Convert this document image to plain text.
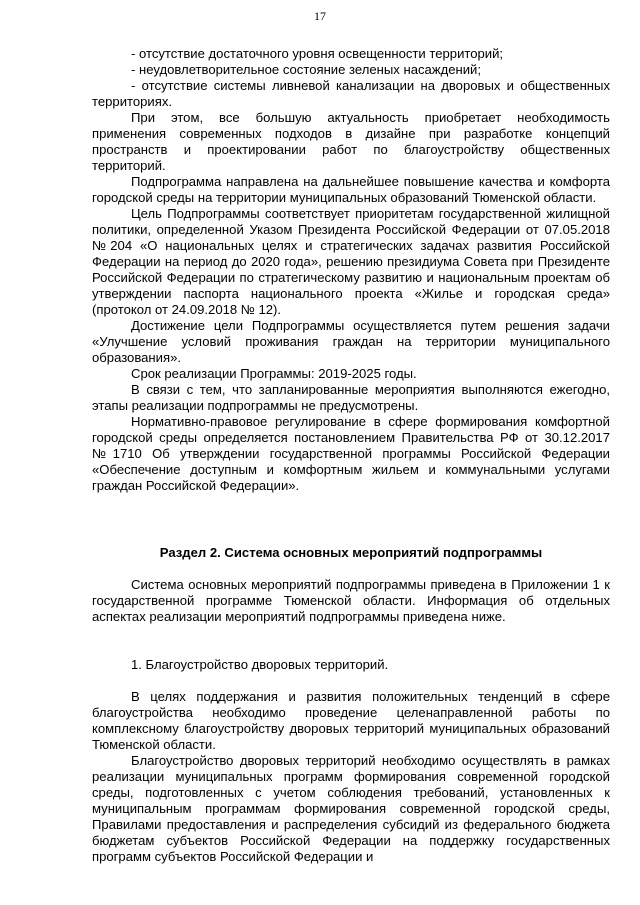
17

- отсутствие достаточного уровня освещенности территорий;

- неудовлетворительное состояние зеленых насаждений;

- отсутствие системы ливневой канализации на дворовых и общественных территориях.

При этом, все большую актуальность приобретает необходимость применения современных подходов в дизайне при разработке концепций пространств и проектировании работ по благоустройству общественных территорий.

Подпрограмма направлена на дальнейшее повышение качества и комфорта городской среды на территории муниципальных образований Тюменской области.

Цель Подпрограммы соответствует приоритетам государственной жилищной политики, определенной Указом Президента Российской Федерации от 07.05.2018 №204 «О национальных целях и стратегических задачах развития Российской Федерации на период до 2020 года», решению президиума Совета при Президенте Российской Федерации по стратегическому развитию и национальным проектам об утверждении паспорта национального проекта «Жилье и городская среда» (протокол от 24.09.2018 № 12).

Достижение цели Подпрограммы осуществляется путем решения задачи «Улучшение условий проживания граждан на территории муниципального образования».

Срок реализации Программы: 2019-2025 годы.

В связи с тем, что запланированные мероприятия выполняются ежегодно, этапы реализации подпрограммы не предусмотрены.

Нормативно-правовое регулирование в сфере формирования комфортной городской среды определяется постановлением Правительства РФ от 30.12.2017 №1710 Об утверждении государственной программы Российской Федерации «Обеспечение доступным и комфортным жильем и коммунальными услугами граждан Российской Федерации».

Раздел 2. Система основных мероприятий подпрограммы

Система основных мероприятий подпрограммы приведена в Приложении 1 к государственной программе Тюменской области. Информация об отдельных аспектах реализации мероприятий подпрограммы приведена ниже.

1. Благоустройство дворовых территорий.

В целях поддержания и развития положительных тенденций в сфере благоустройства необходимо проведение целенаправленной работы по комплексному благоустройству дворовых территорий муниципальных образований Тюменской области.

Благоустройство дворовых территорий необходимо осуществлять в рамках реализации муниципальных программ формирования современной городской среды, подготовленных с учетом соблюдения требований, установленных к муниципальным программам формирования современной городской среды, Правилами предоставления и распределения субсидий из федерального бюджета бюджетам субъектов Российской Федерации на поддержку государственных программ субъектов Российской Федерации и
